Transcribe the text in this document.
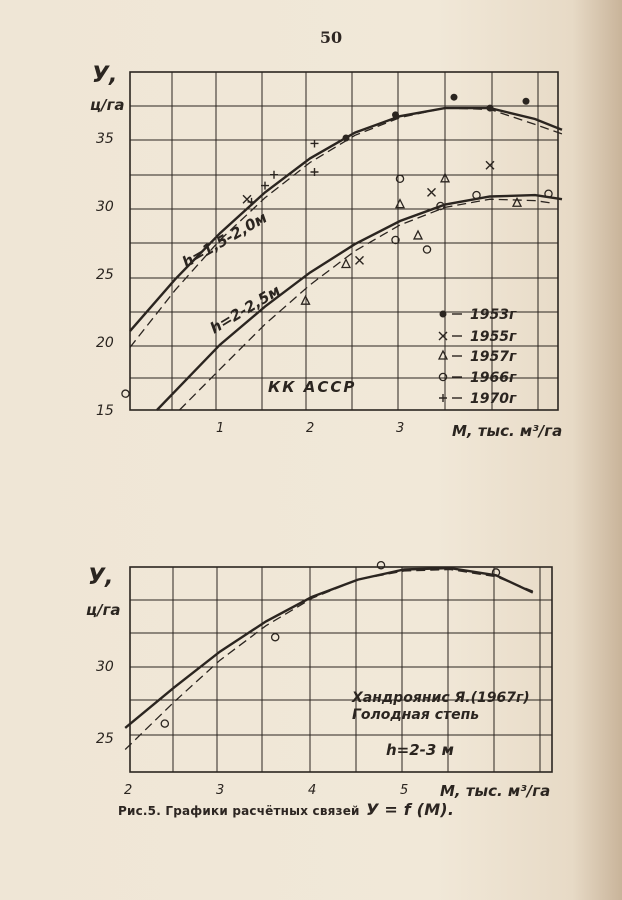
50
1	2	3
15
20
25
30
35
2	3	4	5
25
30
У,
ц/га
М, тыс. м³/га
КК АССР
h=1,5-2,0м
h=2-2,5м	1953г
1955г
1957г
1966г
1970г
У,
ц/га
М, тыс. м³/га
Хандроянис Я.(1967г)
Голодная степь
h=2-3 м
Рис.5. Графики расчётных связей У = f (М).
